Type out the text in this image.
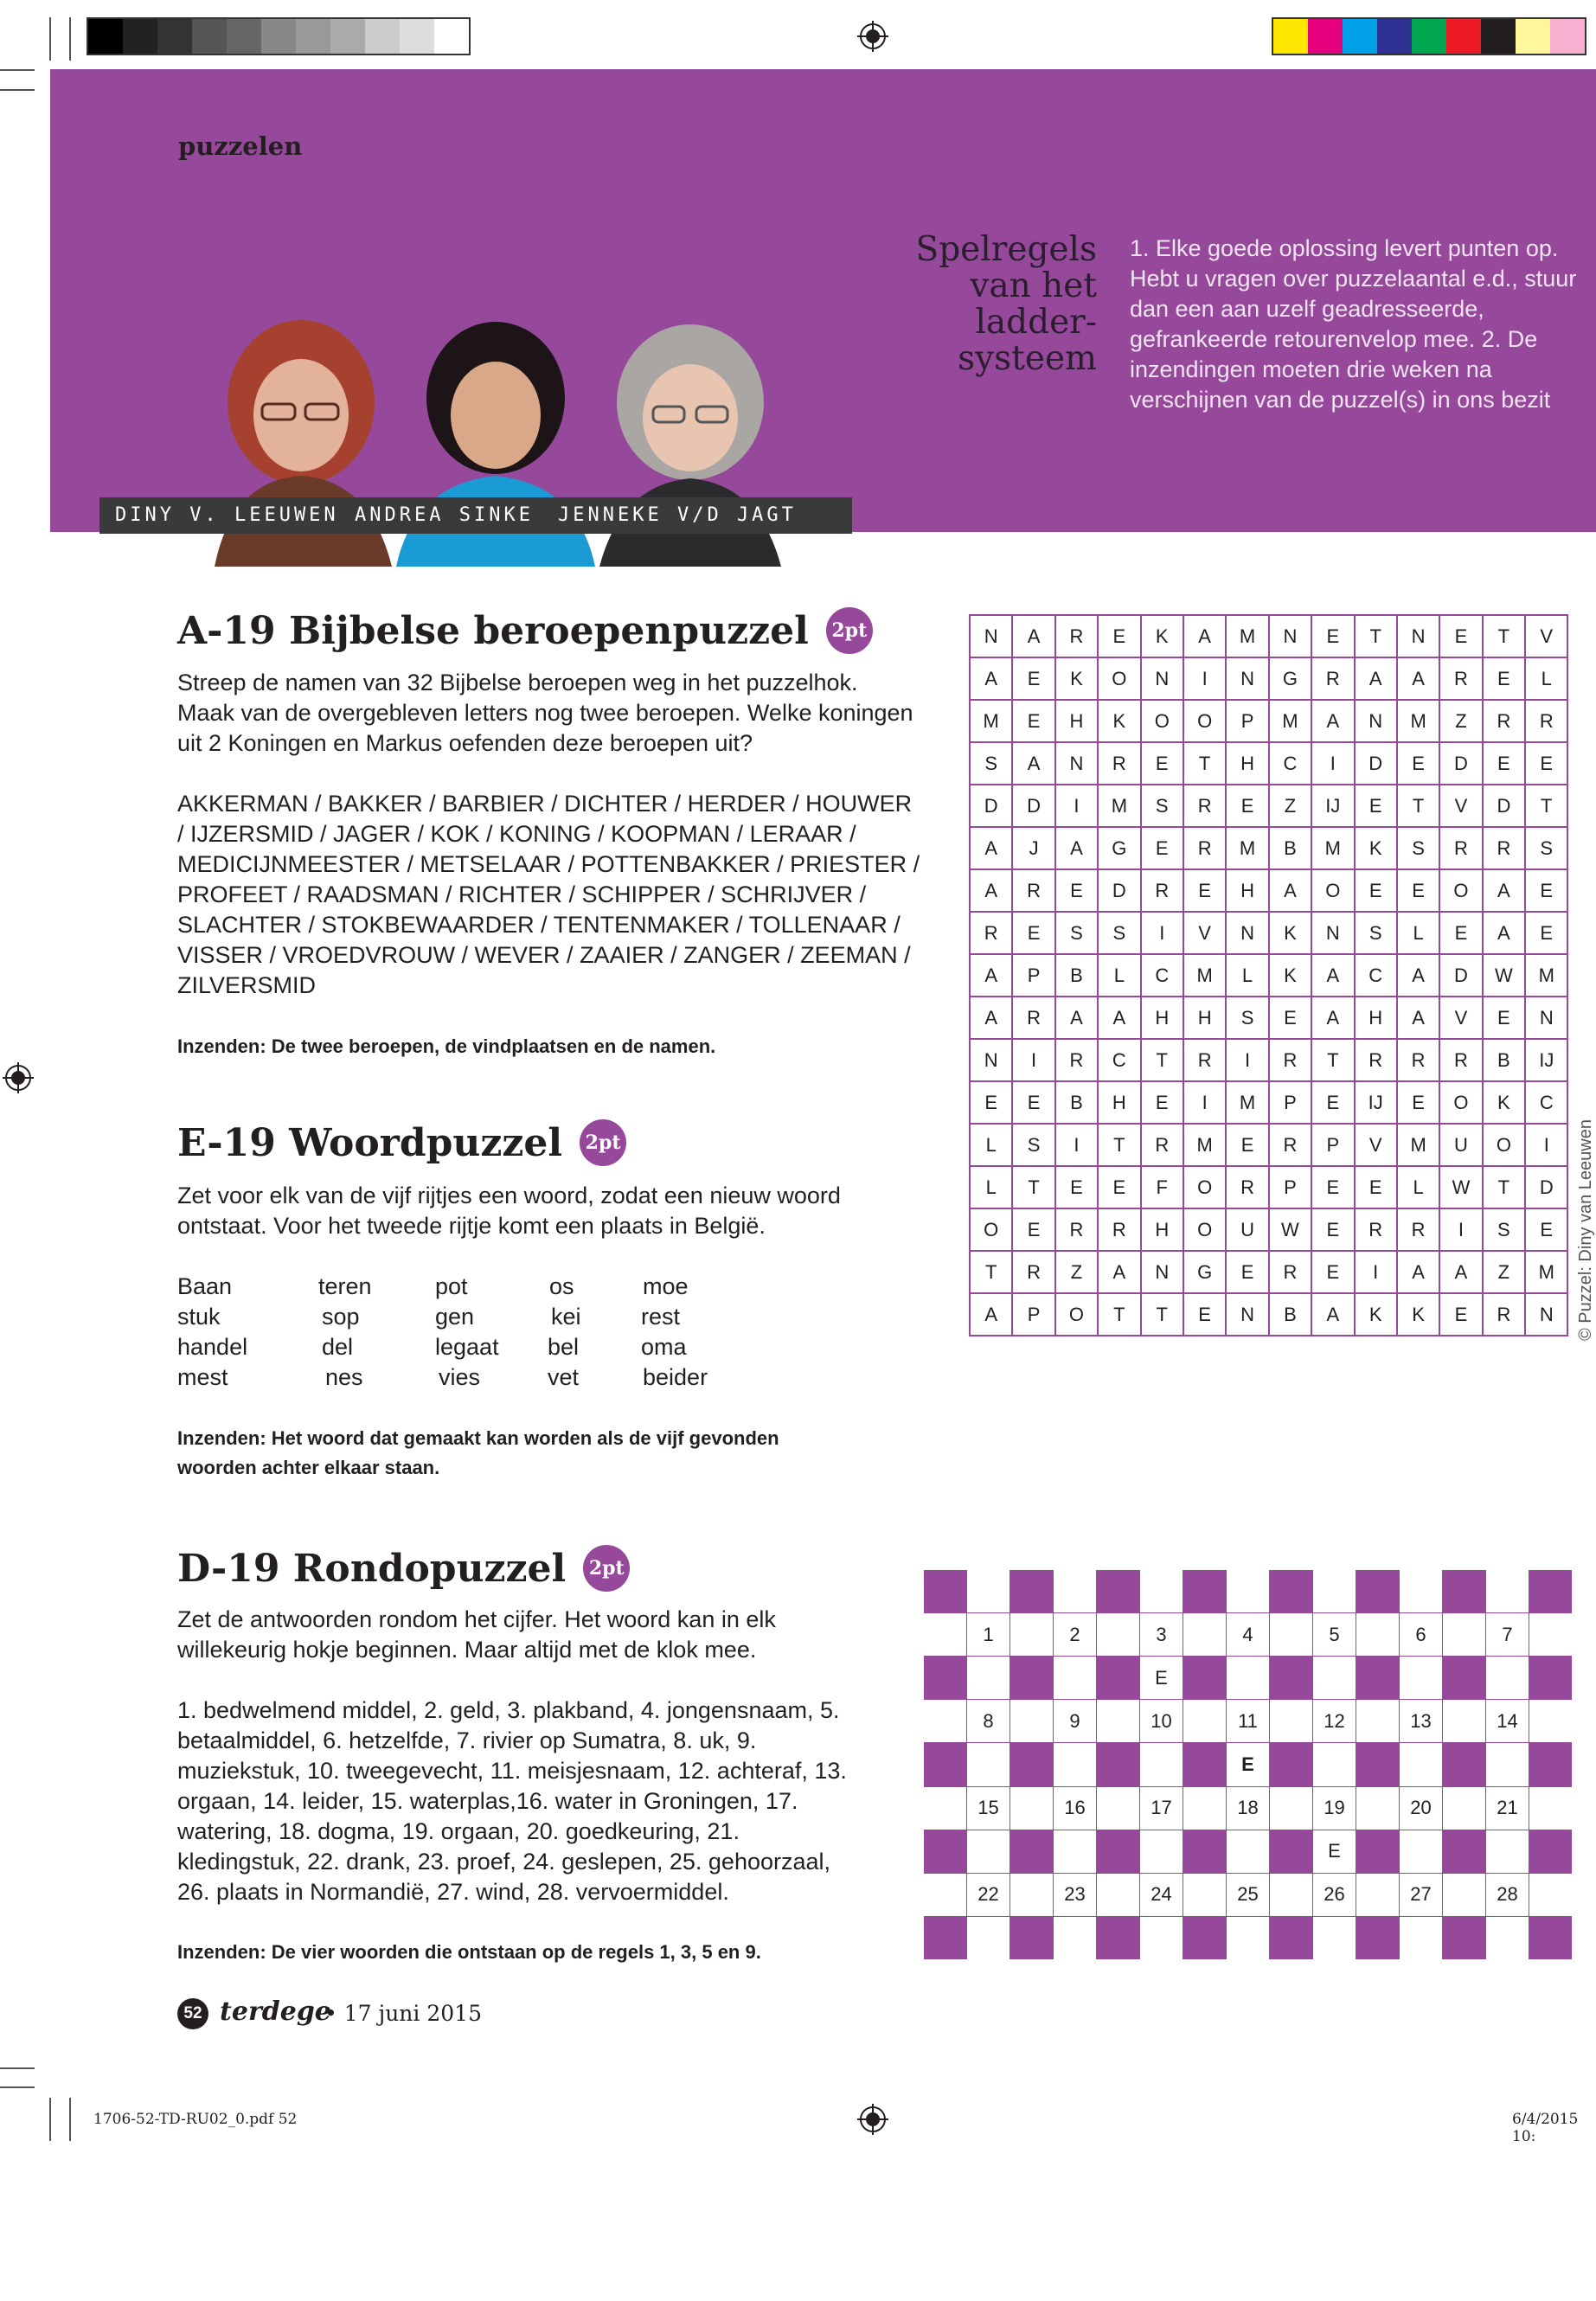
puzzelen
DINY V. LEEUWEN ANDREA SINKE JENNEKE V/D JAGT
Spelregels van het ladder-systeem
1. Elke goede oplossing levert punten op. Hebt u vragen over puzzelaantal e.d., stuur dan een aan uzelf geadresseerde, gefrankeerde retourenvelop mee. 2. De inzendingen moeten drie weken na verschijnen van de puzzel(s) in ons bezit
A-19 Bijbelse beroepenpuzzel 2pt
Streep de namen van 32 Bijbelse beroepen weg in het puzzelhok. Maak van de overgebleven letters nog twee beroepen. Welke koningen uit 2 Koningen en Markus oefenden deze beroepen uit?
AKKERMAN / BAKKER / BARBIER / DICHTER / HERDER / HOUWER / IJZERSMID / JAGER / KOK / KONING / KOOPMAN / LERAAR / MEDICIJNMEESTER / METSELAAR / POTTENBAKKER / PRIESTER / PROFEET / RAADSMAN / RICHTER / SCHIPPER / SCHRIJVER / SLACHTER / STOKBEWAARDER / TENTENMAKER / TOLLENAAR / VISSER / VROEDVROUW / WEVER / ZAAIER / ZANGER / ZEEMAN / ZILVERSMID
Inzenden: De twee beroepen, de vindplaatsen en de namen.
N	A	R	E	K	A	M	N	E	T	N	E	T	V
A	E	K	O	N	I	N	G	R	A	A	R	E	L
M	E	H	K	O	O	P	M	A	N	M	Z	R	R
S	A	N	R	E	T	H	C	I	D	E	D	E	E
D	D	I	M	S	R	E	Z	IJ	E	T	V	D	T
A	J	A	G	E	R	M	B	M	K	S	R	R	S
A	R	E	D	R	E	H	A	O	E	E	O	A	E
R	E	S	S	I	V	N	K	N	S	L	E	A	E
A	P	B	L	C	M	L	K	A	C	A	D	W	M
A	R	A	A	H	H	S	E	A	H	A	V	E	N
N	I	R	C	T	R	I	R	T	R	R	R	B	IJ
E	E	B	H	E	I	M	P	E	IJ	E	O	K	C
L	S	I	T	R	M	E	R	P	V	M	U	O	I
L	T	E	E	F	O	R	P	E	E	L	W	T	D
O	E	R	R	H	O	U	W	E	R	R	I	S	E
T	R	Z	A	N	G	E	R	E	I	A	A	Z	M
A	P	O	T	T	E	N	B	A	K	K	E	R	N © Puzzel: Diny van Leeuwen
E-19 Woordpuzzel 2pt
Zet voor elk van de vijf rijtjes een woord, zodat een nieuw woord ontstaat. Voor het tweede rijtje komt een plaats in België.
Baan	teren	pot	os	moe
stuk	sop	gen	kei	rest
handel	del	legaat bel	oma
mest	nes	vies	vet	beider
Inzenden: Het woord dat gemaakt kan worden als de vijf gevonden woorden achter elkaar staan.
D-19 Rondopuzzel 2pt
Zet de antwoorden rondom het cijfer. Het woord kan in elk willekeurig hokje beginnen. Maar altijd met de klok mee.
1. bedwelmend middel, 2. geld, 3. plakband, 4. jongensnaam, 5. betaalmiddel, 6. hetzelfde, 7. rivier op Sumatra, 8. uk, 9. muziekstuk, 10. tweegevecht, 11. meisjesnaam, 12. achteraf, 13. orgaan, 14. leider, 15. waterplas,16. water in Groningen, 17. watering, 18. dogma, 19. orgaan, 20. goedkeuring, 21. kledingstuk, 22. drank, 23. proef, 24. geslepen, 25. gehoorzaal, 26. plaats in Normandië, 27. wind, 28. vervoermiddel.
Inzenden: De vier woorden die ontstaan op de regels 1, 3, 5 en 9.
1	2	3	4	5	6	7
E
8	9	10	11	12	13	14
E
15	16	17	18	19	20	21
E
22	23	24	25	26	27	28
52 terdege
• 17 juni 2015
1706-52-TD-RU02_0.pdf 52	6/4/2015 10:
